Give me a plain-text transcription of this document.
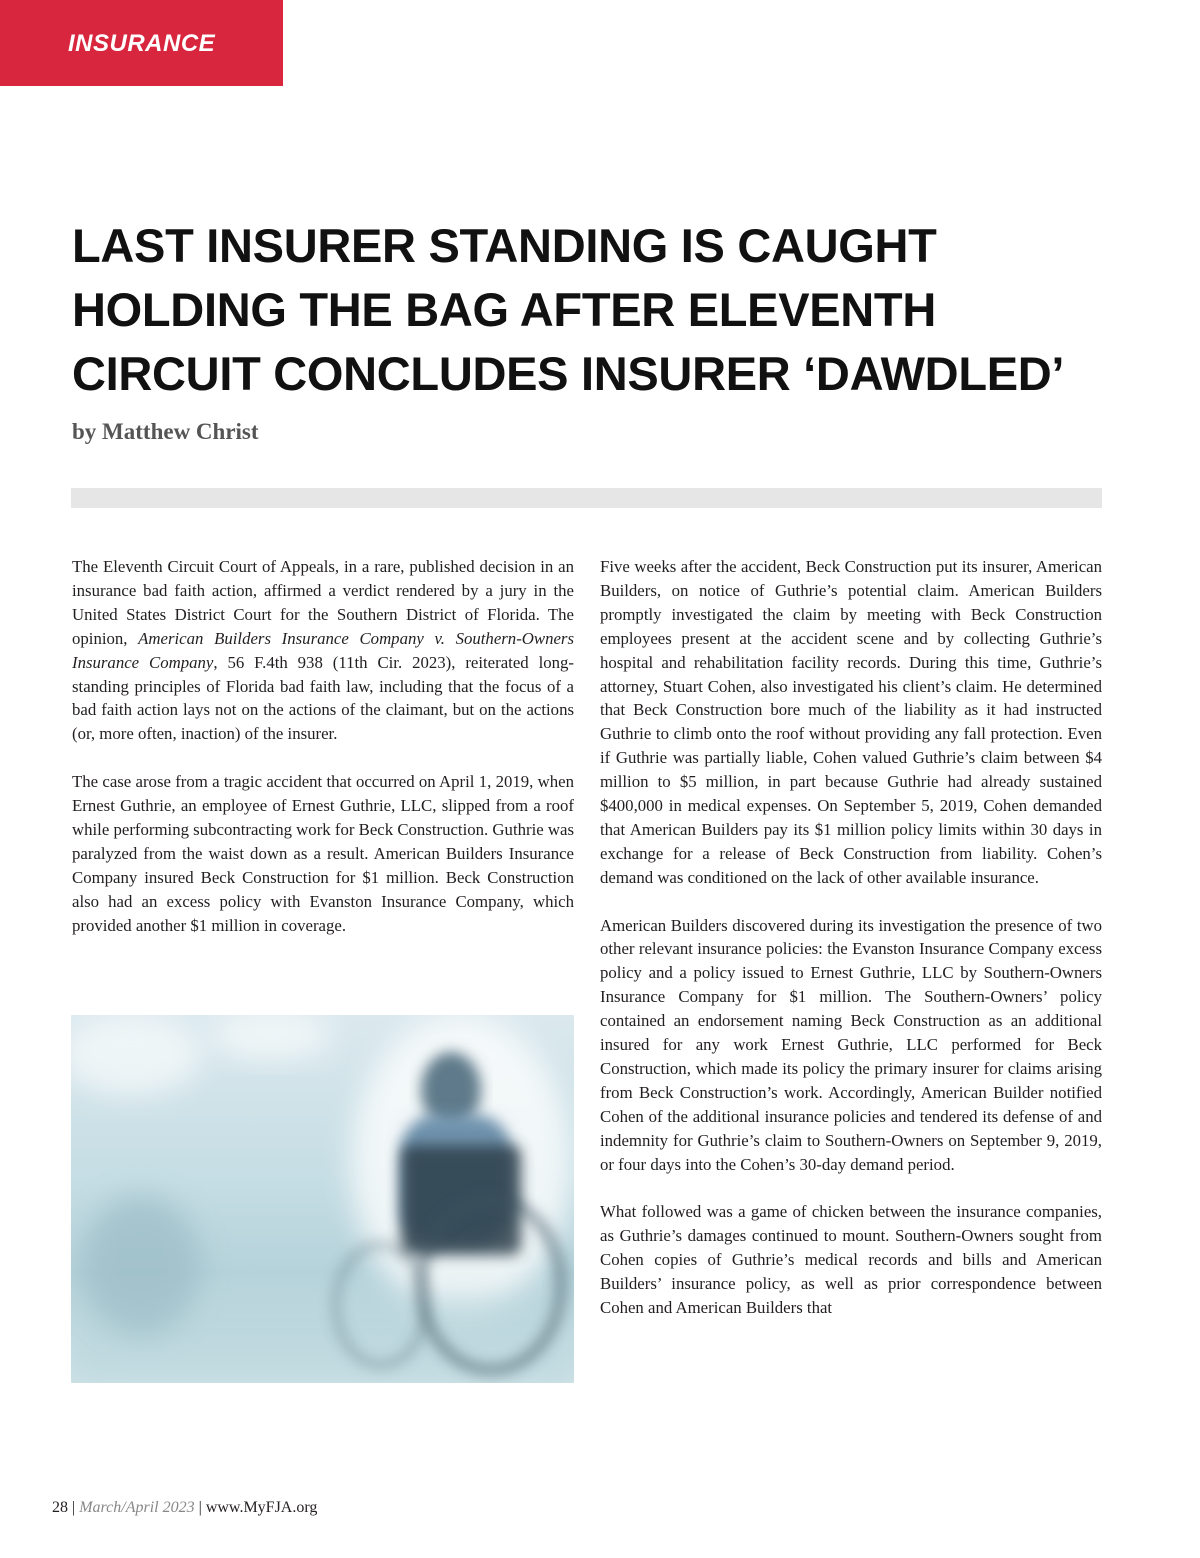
INSURANCE
LAST INSURER STANDING IS CAUGHT
HOLDING THE BAG AFTER ELEVENTH
CIRCUIT CONCLUDES INSURER ‘DAWDLED’

by Matthew Christ

The Eleventh Circuit Court of Appeals, in a rare, published decision in an insurance bad faith action, affirmed a verdict rendered by a jury in the United States District Court for the Southern District of Florida. The opinion, American Builders Insurance Company v. Southern-Owners Insurance Company, 56 F.4th 938 (11th Cir. 2023), reiterated long-standing principles of Florida bad faith law, including that the focus of a bad faith action lays not on the actions of the claimant, but on the actions (or, more often, inaction) of the insurer.

The case arose from a tragic accident that occurred on April 1, 2019, when Ernest Guthrie, an employee of Ernest Guthrie, LLC, slipped from a roof while performing subcontracting work for Beck Construction. Guthrie was paralyzed from the waist down as a result. American Builders Insurance Company insured Beck Construction for $1 million. Beck Construction also had an excess policy with Evanston Insurance Company, which provided another $1 million in coverage.

Five weeks after the accident, Beck Construction put its insurer, American Builders, on notice of Guthrie’s potential claim. American Builders promptly investigated the claim by meeting with Beck Construction employees present at the accident scene and by collecting Guthrie’s hospital and rehabilitation facility records. During this time, Guthrie’s attorney, Stuart Cohen, also investigated his client’s claim. He determined that Beck Construction bore much of the liability as it had instructed Guthrie to climb onto the roof without providing any fall protection. Even if Guthrie was partially liable, Cohen valued Guthrie’s claim between $4 million to $5 million, in part because Guthrie had already sustained $400,000 in medical expenses. On September 5, 2019, Cohen demanded that American Builders pay its $1 million policy limits within 30 days in exchange for a release of Beck Construction from liability. Cohen’s demand was conditioned on the lack of other available insurance.

American Builders discovered during its investigation the presence of two other relevant insurance policies: the Evanston Insurance Company excess policy and a policy issued to Ernest Guthrie, LLC by Southern-Owners Insurance Company for $1 million. The Southern-Owners’ policy contained an endorsement naming Beck Construction as an additional insured for any work Ernest Guthrie, LLC performed for Beck Construction, which made its policy the primary insurer for claims arising from Beck Construction’s work. Accordingly, American Builder notified Cohen of the additional insurance policies and tendered its defense of and indemnity for Guthrie’s claim to Southern-Owners on September 9, 2019, or four days into the Cohen’s 30-day demand period.

What followed was a game of chicken between the insurance companies, as Guthrie’s damages continued to mount. Southern-Owners sought from Cohen copies of Guthrie’s medical records and bills and American Builders’ insurance policy, as well as prior correspondence between Cohen and American Builders that

28 | March/April 2023 | www.MyFJA.org
